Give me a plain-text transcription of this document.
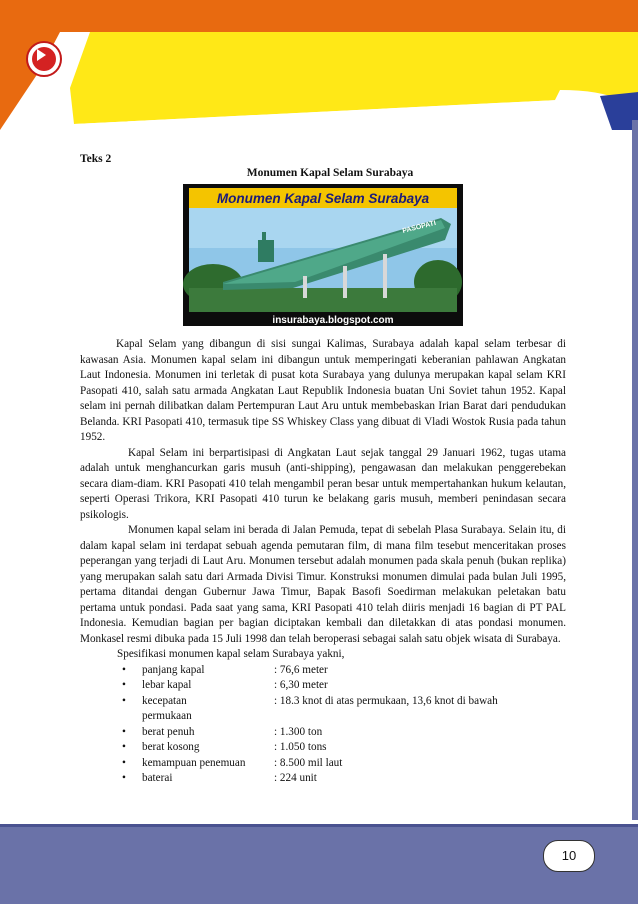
Teks 2
Monumen Kapal Selam Surabaya
Monumen Kapal Selam Surabaya
PASOPATI
insurabaya.blogspot.com

Kapal Selam yang dibangun di sisi sungai Kalimas, Surabaya adalah kapal selam terbesar di kawasan Asia. Monumen kapal selam ini dibangun untuk memperingati keberanian pahlawan Angkatan Laut Indonesia. Monumen ini terletak di pusat kota Surabaya yang dulunya merupakan kapal selam KRI Pasopati 410, salah satu armada Angkatan Laut Republik Indonesia buatan Uni Soviet tahun 1952. Kapal selam ini pernah dilibatkan dalam Pertempuran Laut Aru untuk membebaskan Irian Barat dari pendudukan Belanda. KRI Pasopati 410, termasuk tipe SS Whiskey Class yang dibuat di Vladi Wostok Rusia pada tahun 1952.

Kapal Selam ini berpartisipasi di Angkatan Laut sejak tanggal 29 Januari 1962, tugas utama adalah untuk menghancurkan garis musuh (anti-shipping), pengawasan dan melakukan penggerebekan secara diam-diam. KRI Pasopati 410 telah mengambil peran besar untuk mempertahankan hukum kelautan, seperti Operasi Trikora, KRI Pasopati 410 turun ke belakang garis musuh, memberi penindasan secara psikologis.

Monumen kapal selam ini berada di Jalan Pemuda, tepat di sebelah Plasa Surabaya. Selain itu, di dalam kapal selam ini terdapat sebuah agenda pemutaran film, di mana film tesebut menceritakan proses peperangan yang terjadi di Laut Aru. Monumen tersebut adalah monumen pada skala penuh (bukan replika) yang merupakan salah satu dari Armada Divisi Timur. Konstruksi monumen dimulai pada bulan Juli 1995, pertama ditandai dengan Gubernur Jawa Timur, Bapak Basofi Soedirman melakukan peletakan batu pertama untuk pondasi. Pada saat yang sama, KRI Pasopati 410 telah diiris menjadi 16 bagian di PT PAL Indonesia. Kemudian bagian per bagian diciptakan kembali dan diletakkan di atas pondasi monumen. Monkasel resmi dibuka pada 15 Juli 1998 dan telah beroperasi sebagai salah satu objek wisata di Surabaya.

Spesifikasi monumen kapal selam Surabaya yakni,

• panjang kapal	: 76,6 meter
• lebar kapal	: 6,30 meter
• kecepatan	: 18.3 knot di atas permukaan, 13,6 knot di bawah
permukaan
• berat penuh	: 1.300 ton
• berat kosong	: 1.050 tons
• kemampuan penemuan	: 8.500 mil laut
• baterai	: 224 unit
10
